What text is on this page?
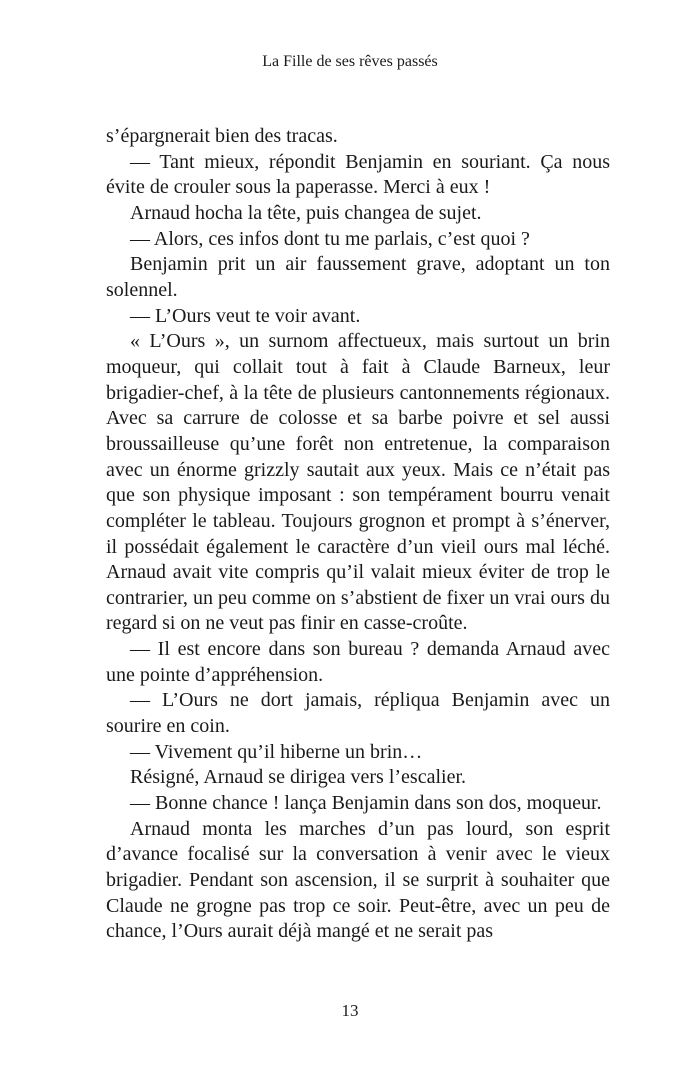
La Fille de ses rêves passés

s’épargnerait bien des tracas.

— Tant mieux, répondit Benjamin en souriant. Ça nous évite de crouler sous la paperasse. Merci à eux !

Arnaud hocha la tête, puis changea de sujet.

— Alors, ces infos dont tu me parlais, c’est quoi ?

Benjamin prit un air faussement grave, adoptant un ton solennel.

— L’Ours veut te voir avant.

« L’Ours », un surnom affectueux, mais surtout un brin moqueur, qui collait tout à fait à Claude Barneux, leur brigadier-chef, à la tête de plusieurs cantonnements régionaux. Avec sa carrure de colosse et sa barbe poivre et sel aussi broussailleuse qu’une forêt non entretenue, la comparaison avec un énorme grizzly sautait aux yeux. Mais ce n’était pas que son physique imposant : son tempérament bourru venait compléter le tableau. Toujours grognon et prompt à s’énerver, il possédait également le caractère d’un vieil ours mal léché. Arnaud avait vite compris qu’il valait mieux éviter de trop le contrarier, un peu comme on s’abstient de fixer un vrai ours du regard si on ne veut pas finir en casse-croûte.

— Il est encore dans son bureau ? demanda Arnaud avec une pointe d’appréhension.

— L’Ours ne dort jamais, répliqua Benjamin avec un sourire en coin.

— Vivement qu’il hiberne un brin…

Résigné, Arnaud se dirigea vers l’escalier.

— Bonne chance ! lança Benjamin dans son dos, moqueur.

Arnaud monta les marches d’un pas lourd, son esprit d’avance focalisé sur la conversation à venir avec le vieux brigadier. Pendant son ascension, il se surprit à souhaiter que Claude ne grogne pas trop ce soir. Peut-être, avec un peu de chance, l’Ours aurait déjà mangé et ne serait pas

13
